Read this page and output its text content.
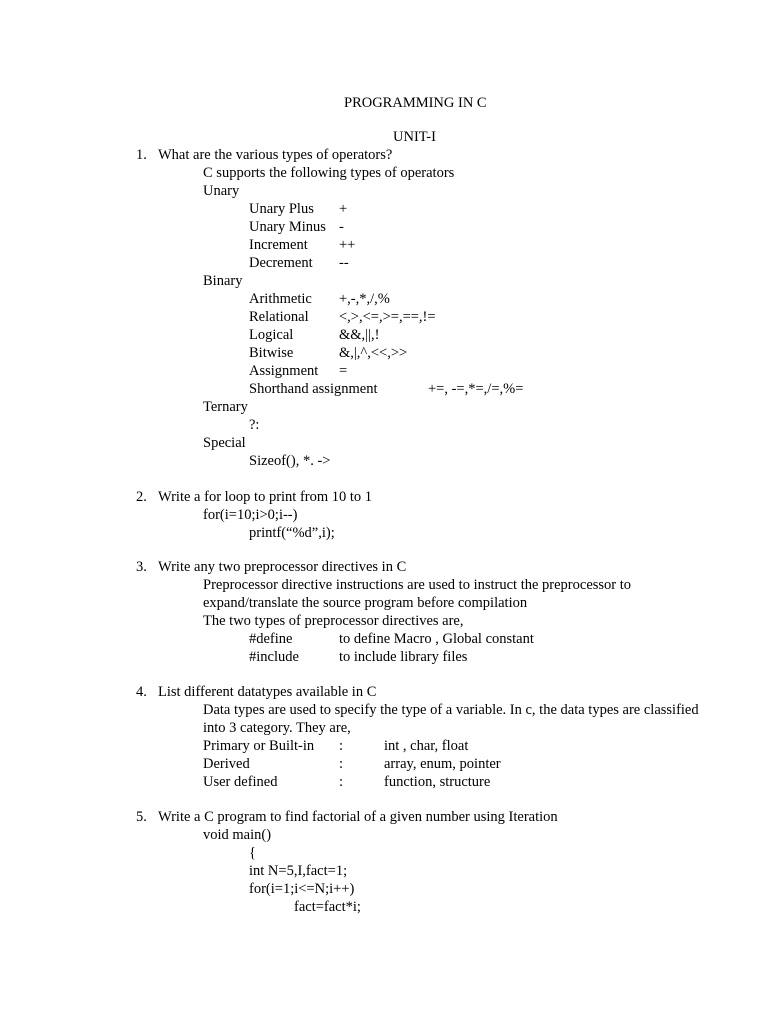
PROGRAMMING IN C
UNIT-I
1. What are the various types of operators?
C supports the following types of operators
Unary
Unary Plus +
Unary Minus -
Increment ++
Decrement --
Binary
Arithmetic +,-,*,/,%
Relational <,>,<=,>=,==,!=
Logical	&&,||,!
Bitwise	&,|,^,<<,>>
Assignment =
Shorthand assignment	+=, -=,*=,/=,%=
Ternary
?:
Special
Sizeof(), *. ->
2. Write a for loop to print from 10 to 1
for(i=10;i>0;i--)
printf(“%d”,i);
3. Write any two preprocessor directives in C
Preprocessor directive instructions are used to instruct the preprocessor to
expand/translate the source program before compilation
The two types of preprocessor directives are,
#define	to define Macro , Global constant
#include	to include library files
4. List different datatypes available in C
Data types are used to specify the type of a variable. In c, the data types are classified
into 3 category. They are,
Primary or Built-in :	int , char, float
Derived	:	array, enum, pointer
User defined	:	function, structure
5. Write a C program to find factorial of a given number using Iteration
void main()
{
int N=5,I,fact=1;
for(i=1;i<=N;i++)
fact=fact*i;
